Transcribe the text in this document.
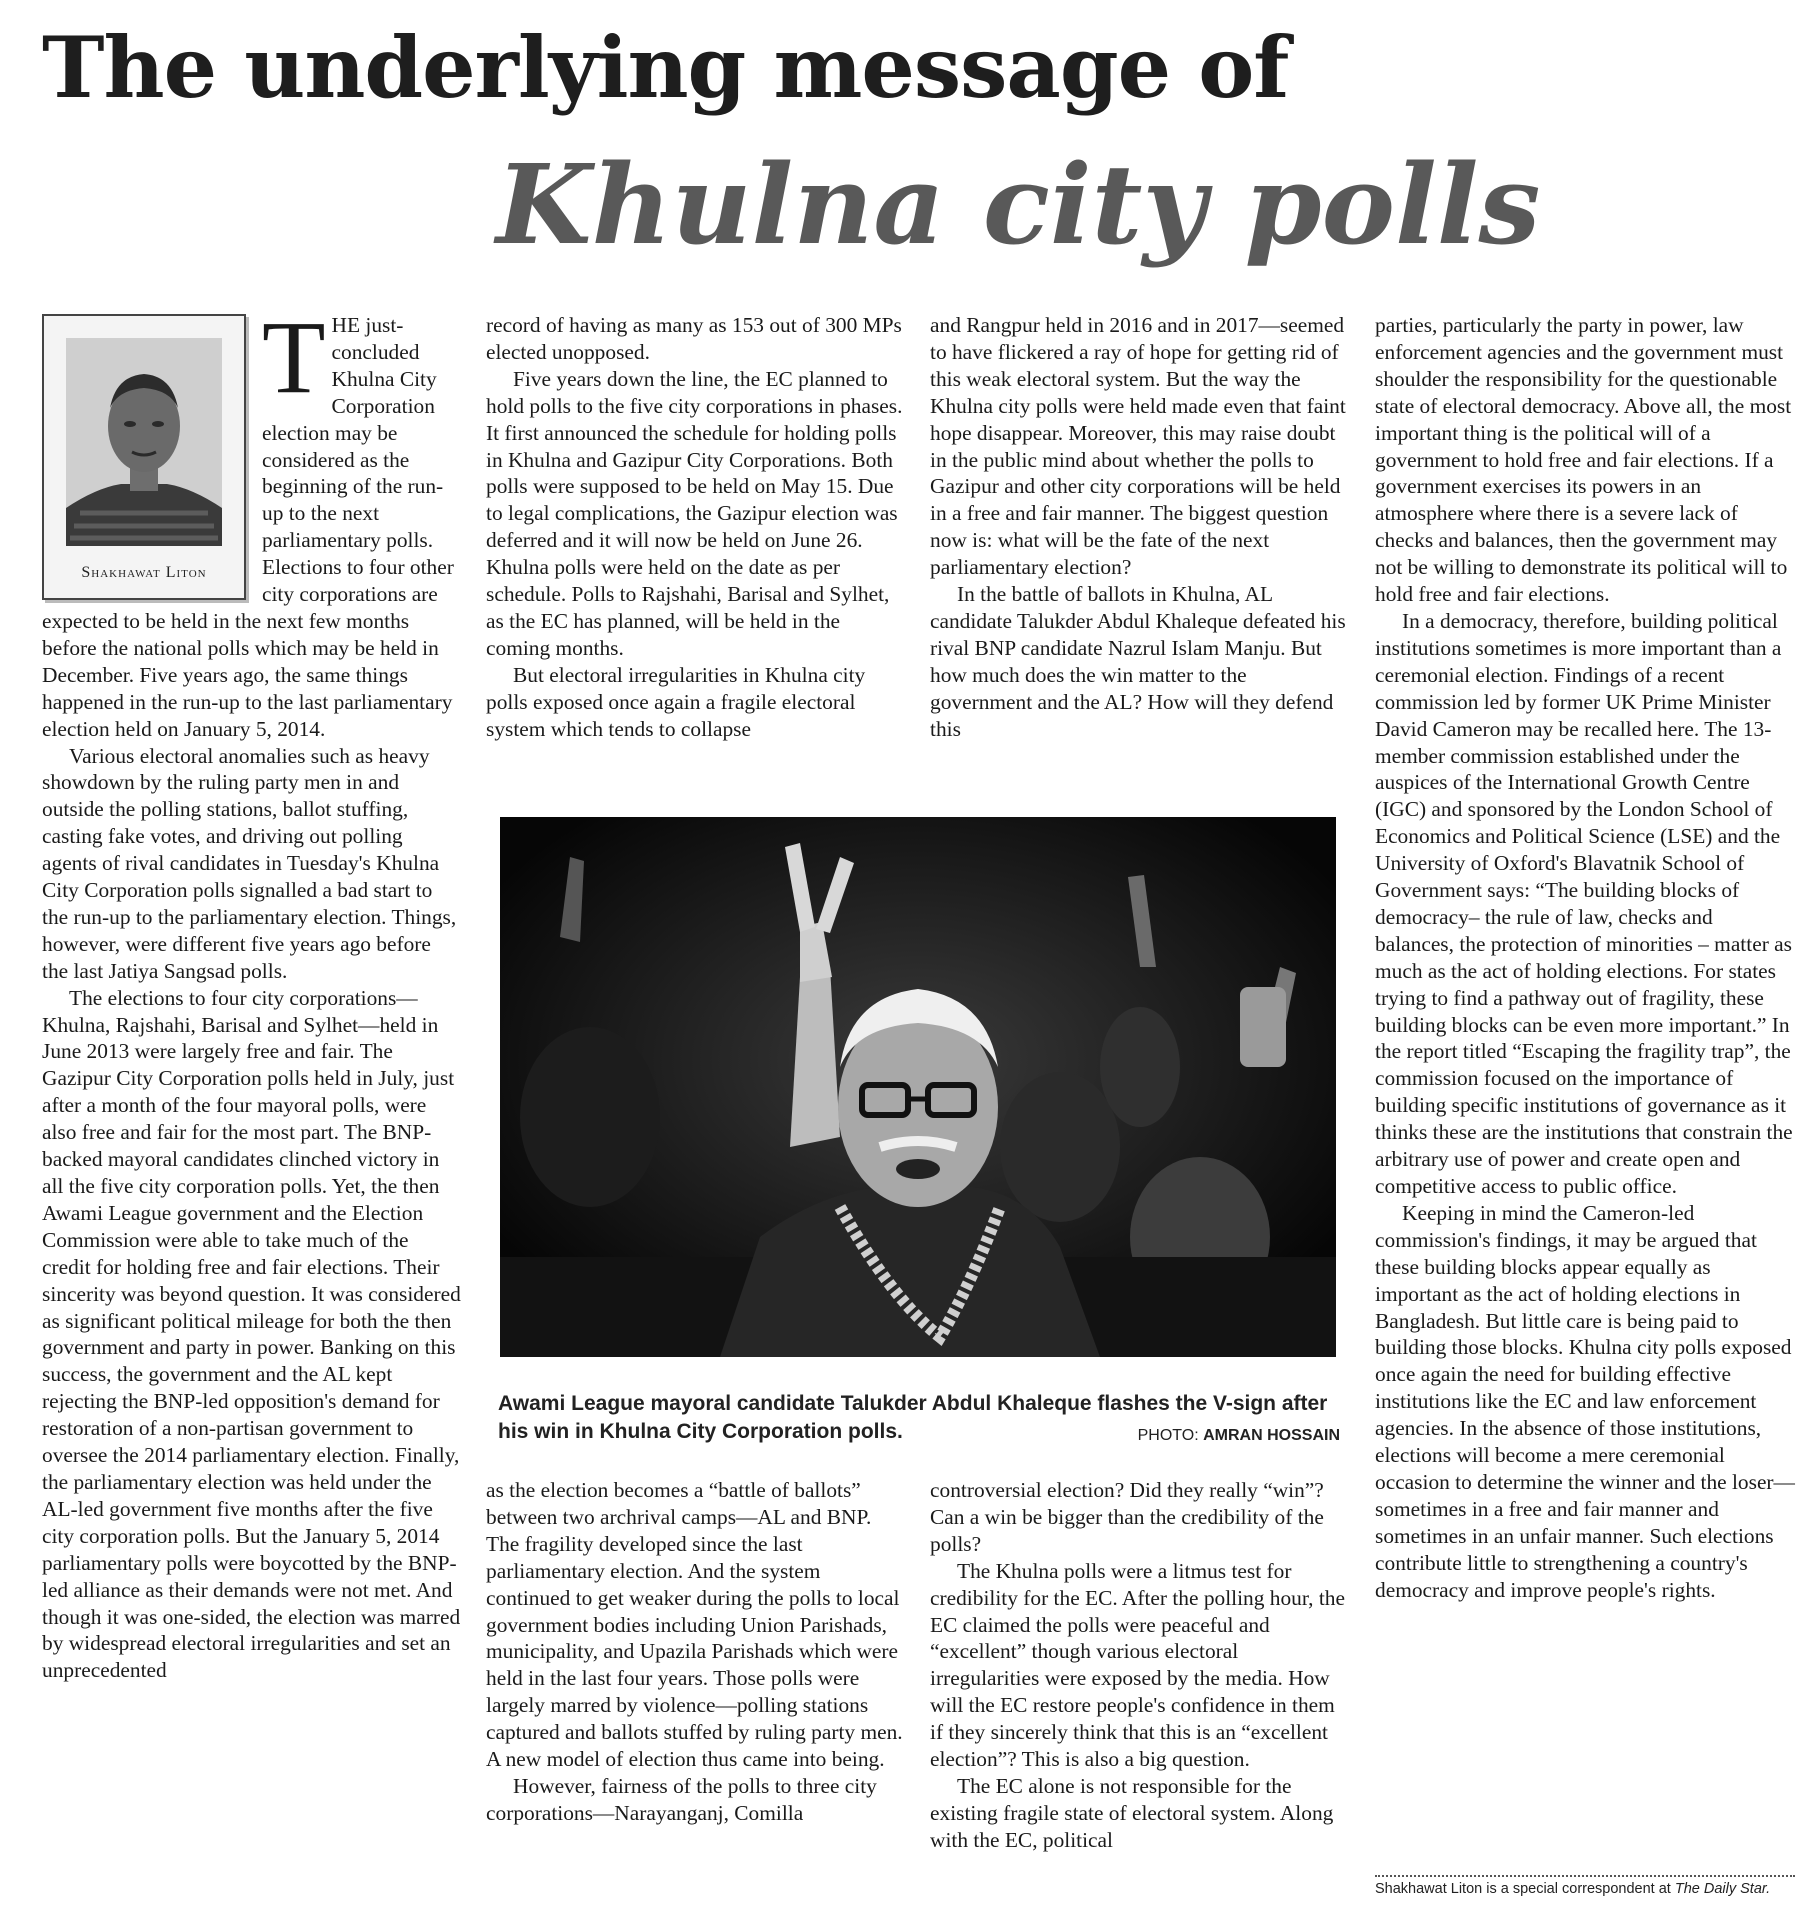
The underlying message of
Khulna city polls
Shakhawat Liton

THE just-concluded Khulna City Corporation election may be considered as the beginning of the run-up to the next parliamentary polls. Elections to four other city corporations are expected to be held in the next few months before the national polls which may be held in December. Five years ago, the same things happened in the run-up to the last parliamentary election held on January 5, 2014.

Various electoral anomalies such as heavy showdown by the ruling party men in and outside the polling stations, ballot stuffing, casting fake votes, and driving out polling agents of rival candidates in Tuesday's Khulna City Corporation polls signalled a bad start to the run-up to the parliamentary election. Things, however, were different five years ago before the last Jatiya Sangsad polls.

The elections to four city corporations—Khulna, Rajshahi, Barisal and Sylhet—held in June 2013 were largely free and fair. The Gazipur City Corporation polls held in July, just after a month of the four mayoral polls, were also free and fair for the most part. The BNP-backed mayoral candidates clinched victory in all the five city corporation polls. Yet, the then Awami League government and the Election Commission were able to take much of the credit for holding free and fair elections. Their sincerity was beyond question. It was considered as significant political mileage for both the then government and party in power. Banking on this success, the government and the AL kept rejecting the BNP-led opposition's demand for restoration of a non-partisan government to oversee the 2014 parliamentary election. Finally, the parliamentary election was held under the AL-led government five months after the five city corporation polls. But the January 5, 2014 parliamentary polls were boycotted by the BNP-led alliance as their demands were not met. And though it was one-sided, the election was marred by widespread electoral irregularities and set an unprecedented

record of having as many as 153 out of 300 MPs elected unopposed.

Five years down the line, the EC planned to hold polls to the five city corporations in phases. It first announced the schedule for holding polls in Khulna and Gazipur City Corporations. Both polls were supposed to be held on May 15. Due to legal complications, the Gazipur election was deferred and it will now be held on June 26. Khulna polls were held on the date as per schedule. Polls to Rajshahi, Barisal and Sylhet, as the EC has planned, will be held in the coming months.

But electoral irregularities in Khulna city polls exposed once again a fragile electoral system which tends to collapse

and Rangpur held in 2016 and in 2017—seemed to have flickered a ray of hope for getting rid of this weak electoral system. But the way the Khulna city polls were held made even that faint hope disappear. Moreover, this may raise doubt in the public mind about whether the polls to Gazipur and other city corporations will be held in a free and fair manner. The biggest question now is: what will be the fate of the next parliamentary election?

In the battle of ballots in Khulna, AL candidate Talukder Abdul Khaleque defeated his rival BNP candidate Nazrul Islam Manju. But how much does the win matter to the government and the AL? How will they defend this

parties, particularly the party in power, law enforcement agencies and the government must shoulder the responsibility for the questionable state of electoral democracy. Above all, the most important thing is the political will of a government to hold free and fair elections. If a government exercises its powers in an atmosphere where there is a severe lack of checks and balances, then the government may not be willing to demonstrate its political will to hold free and fair elections.

In a democracy, therefore, building political institutions sometimes is more important than a ceremonial election. Findings of a recent commission led by former UK Prime Minister David Cameron may be recalled here. The 13-member commission established under the auspices of the International Growth Centre (IGC) and sponsored by the London School of Economics and Political Science (LSE) and the University of Oxford's Blavatnik School of Government says: “The building blocks of democracy– the rule of law, checks and balances, the protection of minorities – matter as much as the act of holding elections. For states trying to find a pathway out of fragility, these building blocks can be even more important.” In the report titled “Escaping the fragility trap”, the commission focused on the importance of building specific institutions of governance as it thinks these are the institutions that constrain the arbitrary use of power and create open and competitive access to public office.

Keeping in mind the Cameron-led commission's findings, it may be argued that these building blocks appear equally as important as the act of holding elections in Bangladesh. But little care is being paid to building those blocks. Khulna city polls exposed once again the need for building effective institutions like the EC and law enforcement agencies. In the absence of those institutions, elections will become a mere ceremonial occasion to determine the winner and the loser—sometimes in a free and fair manner and sometimes in an unfair manner. Such elections contribute little to strengthening a country's democracy and improve people's rights.

Awami League mayoral candidate Talukder Abdul Khaleque flashes the V-sign after his win in Khulna City Corporation polls.	PHOTO: AMRAN HOSSAIN

as the election becomes a “battle of ballots” between two archrival camps—AL and BNP. The fragility developed since the last parliamentary election. And the system continued to get weaker during the polls to local government bodies including Union Parishads, municipality, and Upazila Parishads which were held in the last four years. Those polls were largely marred by violence—polling stations captured and ballots stuffed by ruling party men. A new model of election thus came into being.

However, fairness of the polls to three city corporations—Narayanganj, Comilla

controversial election? Did they really “win”? Can a win be bigger than the credibility of the polls?

The Khulna polls were a litmus test for credibility for the EC. After the polling hour, the EC claimed the polls were peaceful and “excellent” though various electoral irregularities were exposed by the media. How will the EC restore people's confidence in them if they sincerely think that this is an “excellent election”? This is also a big question.

The EC alone is not responsible for the existing fragile state of electoral system. Along with the EC, political

Shakhawat Liton is a special correspondent at The Daily Star.
